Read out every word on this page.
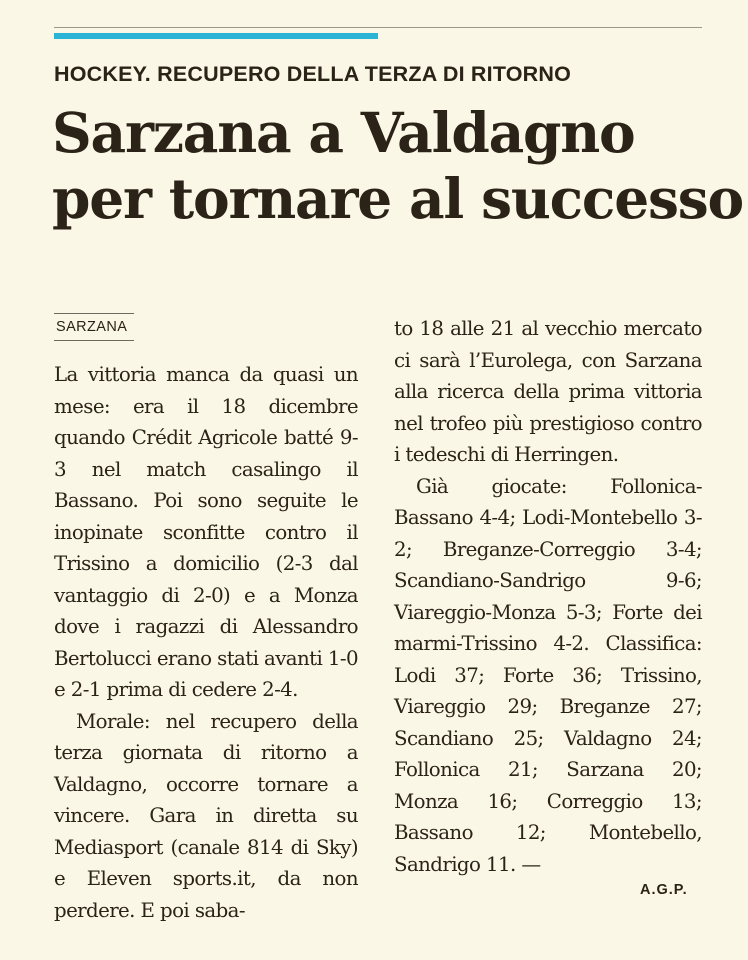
HOCKEY. RECUPERO DELLA TERZA DI RITORNO
Sarzana a Valdagno
per tornare al successo
SARZANA

La vittoria manca da quasi un mese: era il 18 dicembre quando Crédit Agricole batté 9-3 nel match casalingo il Bassano. Poi sono seguite le inopinate sconfitte contro il Trissino a domicilio (2-3 dal vantaggio di 2-0) e a Monza dove i ragazzi di Alessandro Bertolucci erano stati avanti 1-0 e 2-1 prima di cedere 2-4.

Morale: nel recupero della terza giornata di ritorno a Valdagno, occorre tornare a vincere. Gara in diretta su Mediasport (canale 814 di Sky) e Eleven sports.it, da non perdere. E poi saba-

to 18 alle 21 al vecchio mercato ci sarà l’Eurolega, con Sarzana alla ricerca della prima vittoria nel trofeo più prestigioso contro i tedeschi di Herringen.

Già giocate: Follonica-Bassano 4-4; Lodi-Montebello 3-2; Breganze-Correggio 3-4; Scandiano-Sandrigo 9-6; Viareggio-Monza 5-3; Forte dei marmi-Trissino 4-2. Classifica: Lodi 37; Forte 36; Trissino, Viareggio 29; Breganze 27; Scandiano 25; Valdagno 24; Follonica 21; Sarzana 20; Monza 16; Correggio 13; Bassano 12; Montebello, Sandrigo 11. —

A.G.P.
